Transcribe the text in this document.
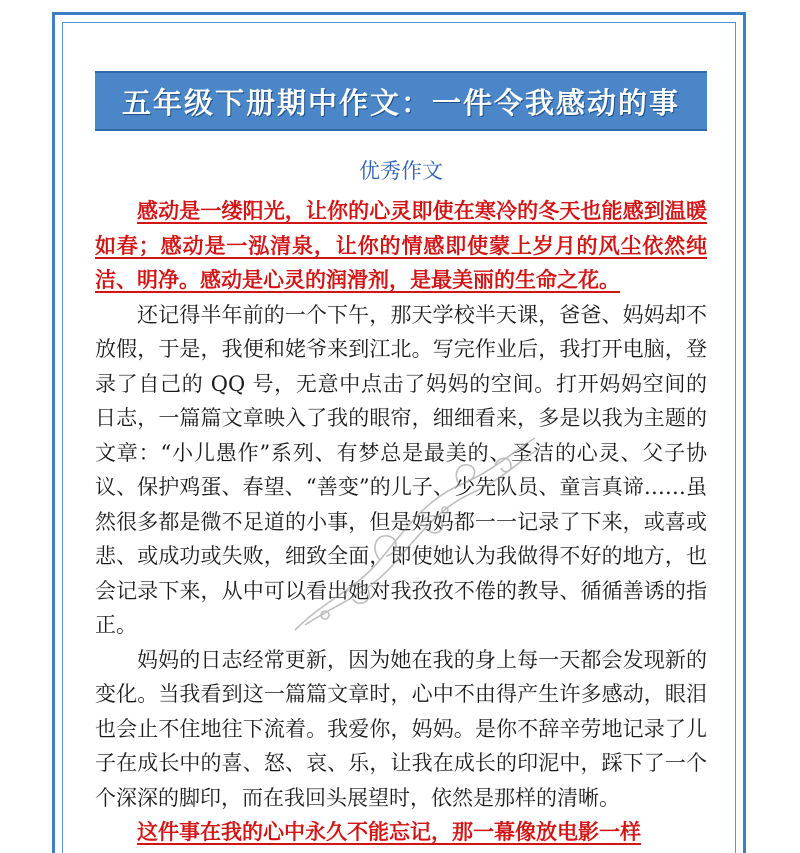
五年级下册期中作文：一件令我感动的事
优秀作文

感动是一缕阳光，让你的心灵即使在寒冷的冬天也能感到温暖如春；感动是一泓清泉，让你的情感即使蒙上岁月的风尘依然纯洁、明净。感动是心灵的润滑剂，是最美丽的生命之花。

还记得半年前的一个下午，那天学校半天课，爸爸、妈妈却不放假，于是，我便和姥爷来到江北。写完作业后，我打开电脑，登录了自己的 QQ 号，无意中点击了妈妈的空间。打开妈妈空间的日志，一篇篇文章映入了我的眼帘，细细看来，多是以我为主题的文章：“小儿愚作”系列、有梦总是最美的、圣洁的心灵、父子协议、保护鸡蛋、春望、“善变”的儿子、少先队员、童言真谛……虽然很多都是微不足道的小事，但是妈妈都一一记录了下来，或喜或悲、或成功或失败，细致全面，即使她认为我做得不好的地方，也会记录下来，从中可以看出她对我孜孜不倦的教导、循循善诱的指正。

妈妈的日志经常更新，因为她在我的身上每一天都会发现新的变化。当我看到这一篇篇文章时，心中不由得产生许多感动，眼泪也会止不住地往下流着。我爱你，妈妈。是你不辞辛劳地记录了儿子在成长中的喜、怒、哀、乐，让我在成长的印泥中，踩下了一个个深深的脚印，而在我回头展望时，依然是那样的清晰。

这件事在我的心中永久不能忘记，那一幕像放电影一样
